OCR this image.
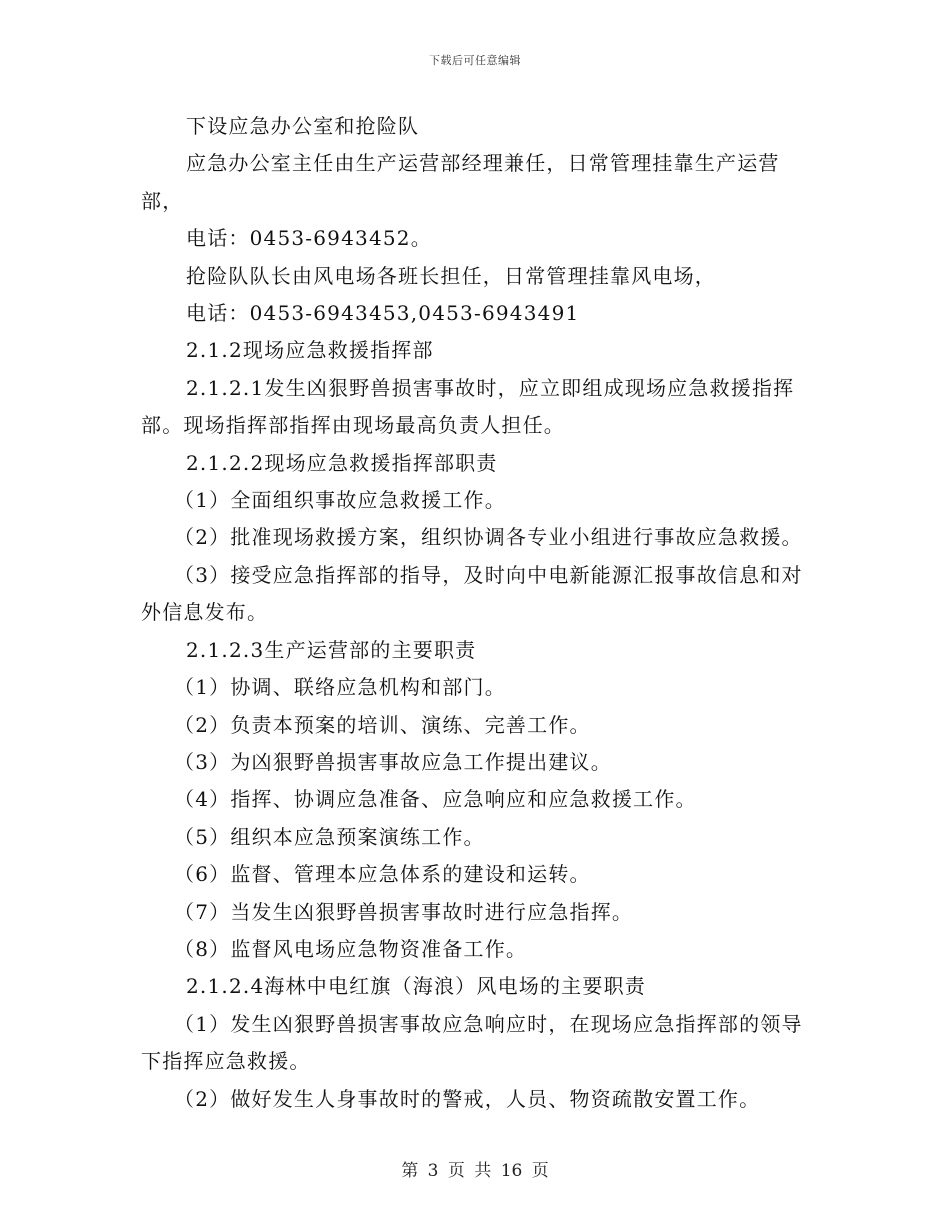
下载后可任意编辑

下设应急办公室和抢险队

应急办公室主任由生产运营部经理兼任，日常管理挂靠生产运营部，

电话：0453-6943452。

抢险队队长由风电场各班长担任，日常管理挂靠风电场，

电话：0453-6943453,0453-6943491

2.1.2现场应急救援指挥部

2.1.2.1发生凶狠野兽损害事故时，应立即组成现场应急救援指挥部。现场指挥部指挥由现场最高负责人担任。

2.1.2.2现场应急救援指挥部职责

（1）全面组织事故应急救援工作。

（2）批准现场救援方案，组织协调各专业小组进行事故应急救援。

（3）接受应急指挥部的指导，及时向中电新能源汇报事故信息和对外信息发布。

2.1.2.3生产运营部的主要职责

（1）协调、联络应急机构和部门。

（2）负责本预案的培训、演练、完善工作。

（3）为凶狠野兽损害事故应急工作提出建议。

（4）指挥、协调应急准备、应急响应和应急救援工作。

（5）组织本应急预案演练工作。

（6）监督、管理本应急体系的建设和运转。

（7）当发生凶狠野兽损害事故时进行应急指挥。

（8）监督风电场应急物资准备工作。

2.1.2.4海林中电红旗（海浪）风电场的主要职责

（1）发生凶狠野兽损害事故应急响应时，在现场应急指挥部的领导下指挥应急救援。

（2）做好发生人身事故时的警戒，人员、物资疏散安置工作。

第 3 页 共 16 页
